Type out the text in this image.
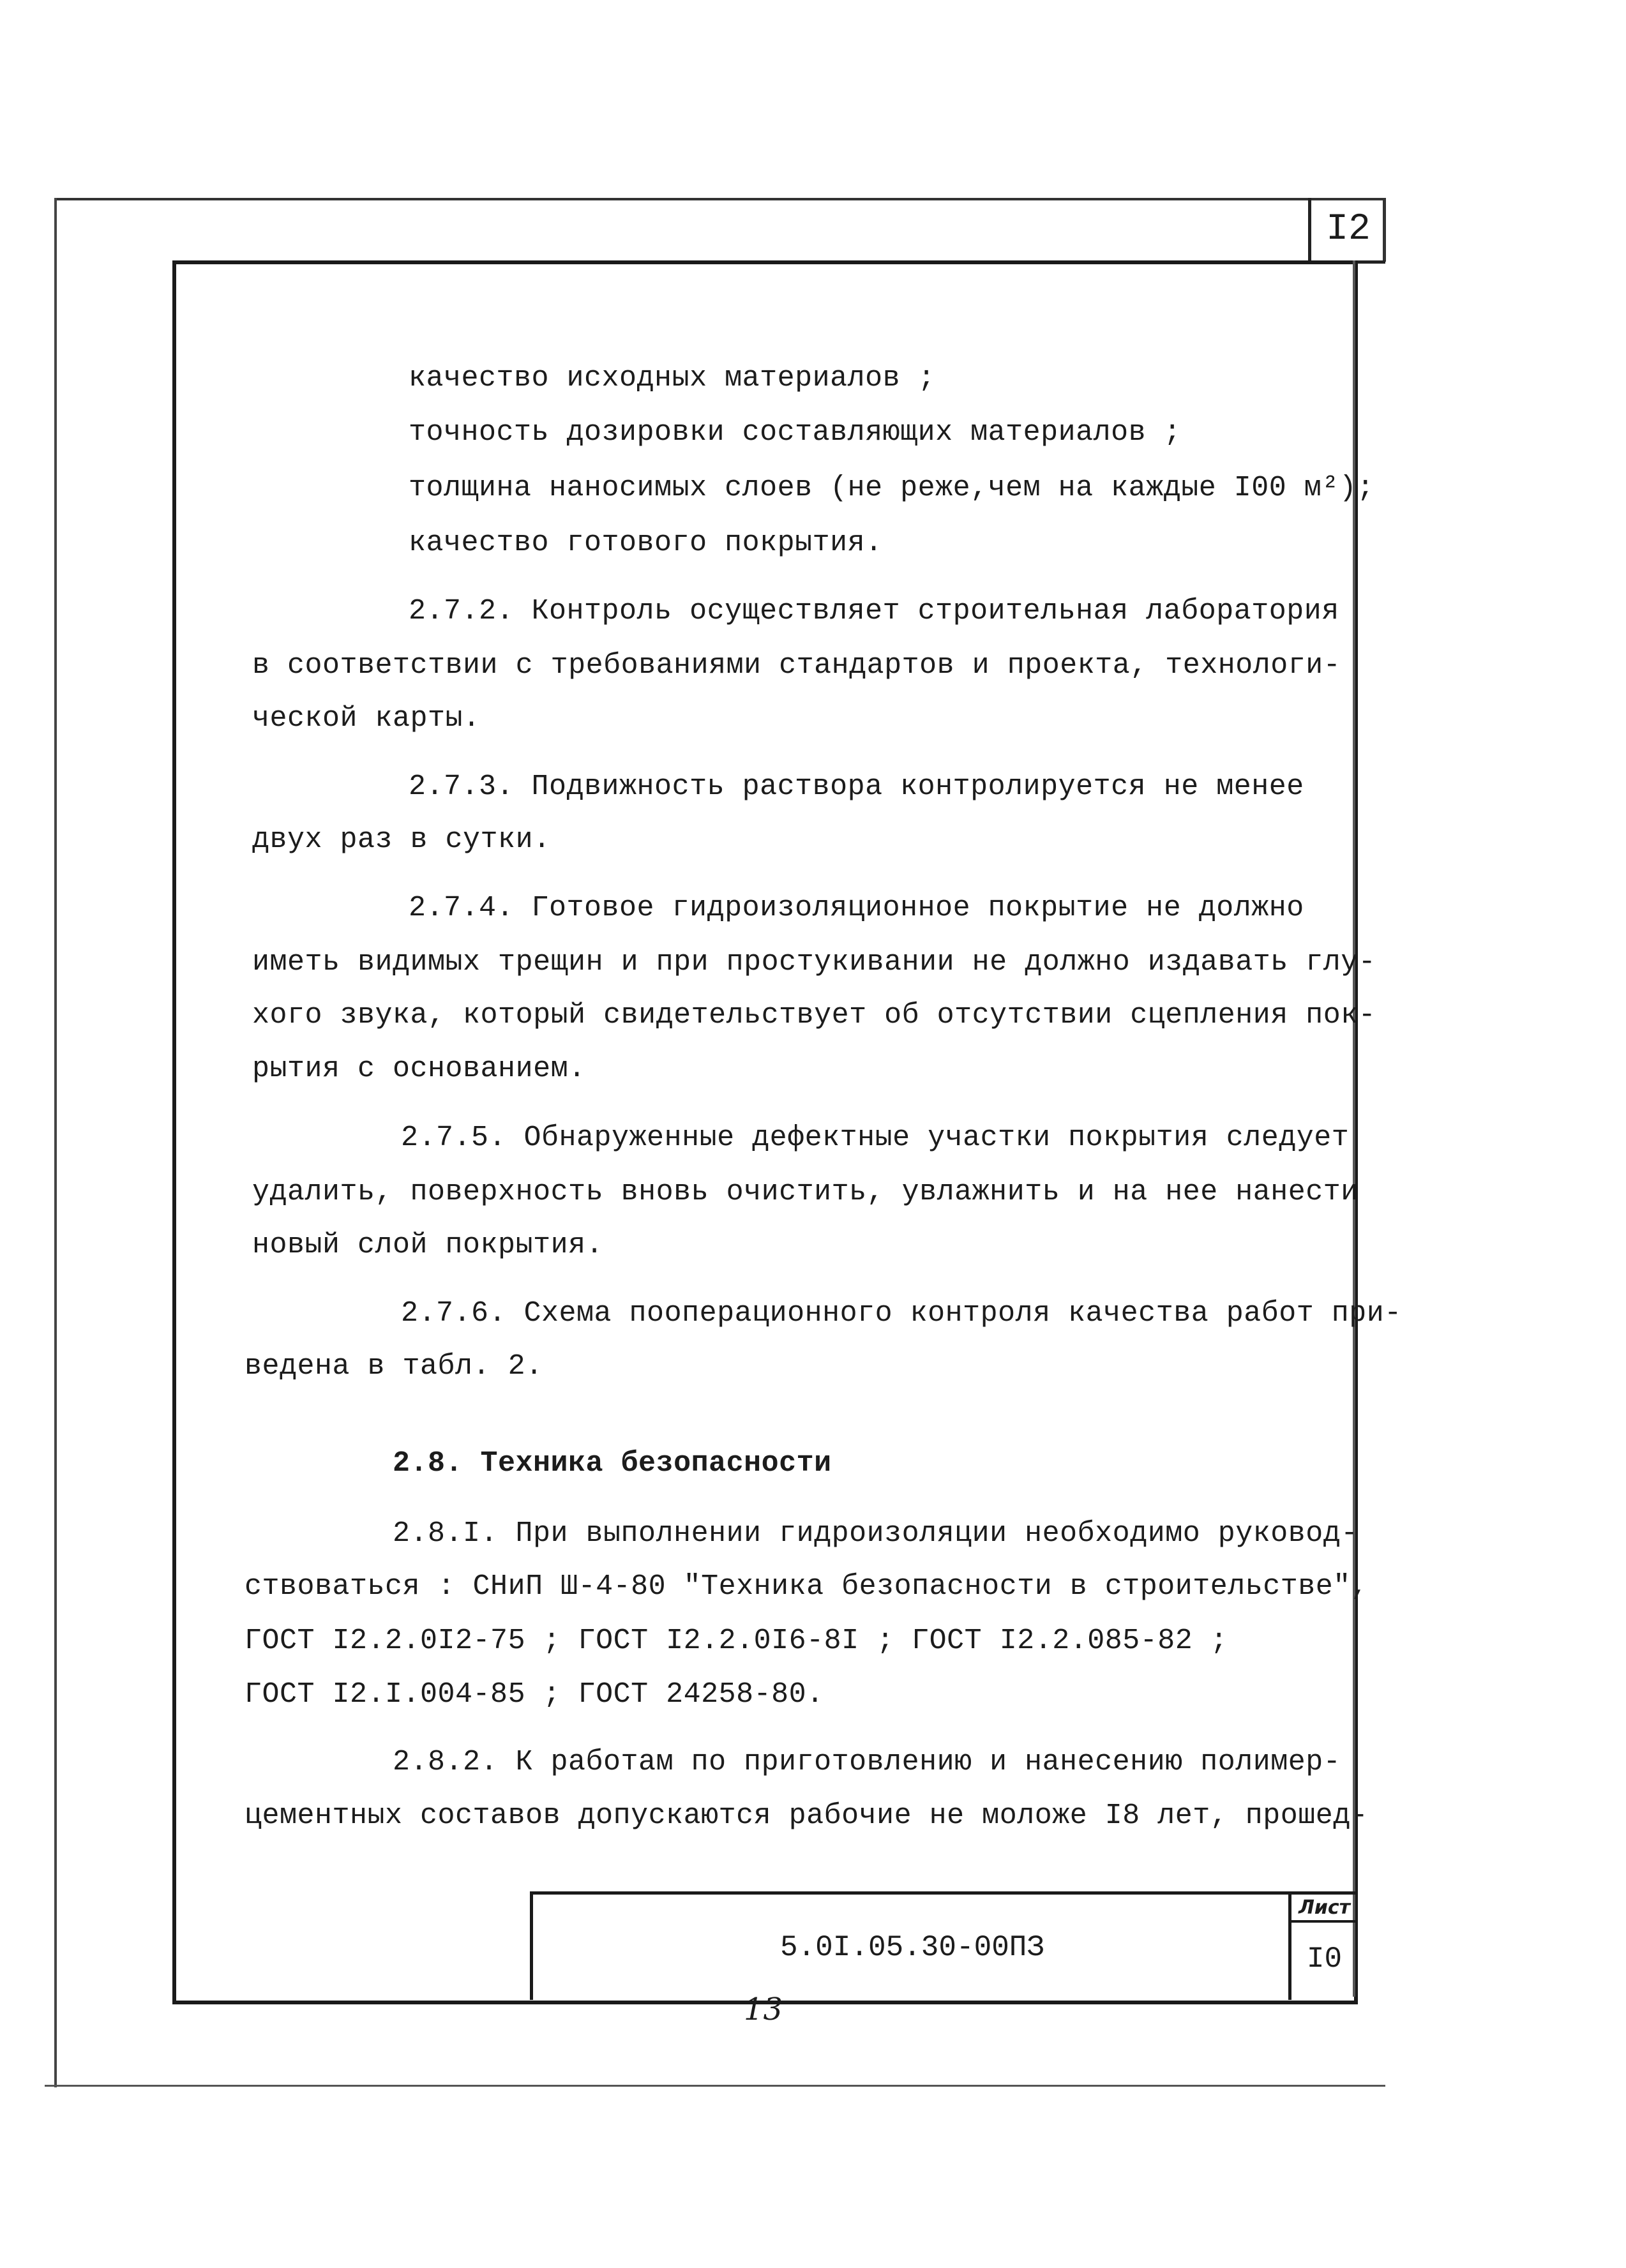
I2
качество исходных материалов ;
точность дозировки составляющих материалов ;
толщина наносимых слоев (не реже,чем на каждые I00 м²);
качество готового покрытия.
2.7.2. Контроль осуществляет строительная лаборатория
в соответствии с требованиями стандартов и проекта, технологи-
ческой карты.
2.7.3. Подвижность раствора контролируется не менее
двух раз в сутки.
2.7.4. Готовое гидроизоляционное покрытие не должно
иметь видимых трещин и при простукивании не должно издавать глу-
хого звука, который свидетельствует об отсутствии сцепления пок-
рытия с основанием.
2.7.5. Обнаруженные дефектные участки покрытия следует
удалить, поверхность вновь очистить, увлажнить и на нее нанести
новый слой покрытия.
2.7.6. Схема пооперационного контроля качества работ при-
ведена в табл. 2.
2.8. Техника безопасности
2.8.I. При выполнении гидроизоляции необходимо руковод-
ствоваться : СНиП Ш-4-80 "Техника безопасности в строительстве",
ГОСТ I2.2.0I2-75 ; ГОСТ I2.2.0I6-8I ; ГОСТ I2.2.085-82 ;
ГОСТ I2.I.004-85 ; ГОСТ 24258-80.
2.8.2. К работам по приготовлению и нанесению полимер-
цементных составов допускаются рабочие не моложе I8 лет, прошед-
5.0I.05.30-00ПЗ
Лист
I0
13
